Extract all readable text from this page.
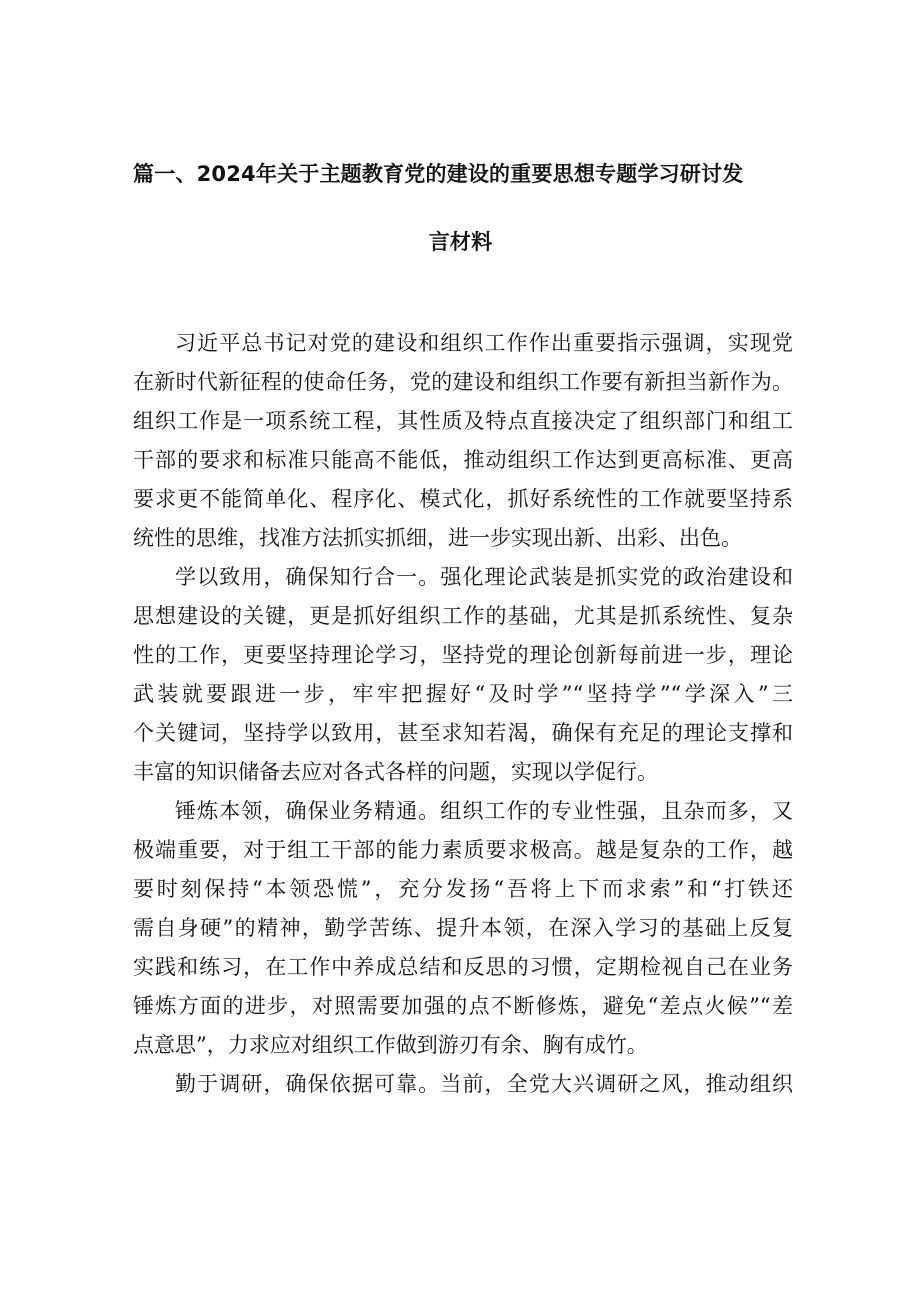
篇一、2024年关于主题教育党的建设的重要思想专题学习研讨发
言材料
习近平总书记对党的建设和组织工作作出重要指示强调，实现党
在新时代新征程的使命任务，党的建设和组织工作要有新担当新作为。
组织工作是一项系统工程，其性质及特点直接决定了组织部门和组工
干部的要求和标准只能高不能低，推动组织工作达到更高标准、更高
要求更不能简单化、程序化、模式化，抓好系统性的工作就要坚持系
统性的思维，找准方法抓实抓细，进一步实现出新、出彩、出色。
学以致用，确保知行合一。强化理论武装是抓实党的政治建设和
思想建设的关键，更是抓好组织工作的基础，尤其是抓系统性、复杂
性的工作，更要坚持理论学习，坚持党的理论创新每前进一步，理论
武装就要跟进一步，牢牢把握好“及时学”“坚持学”“学深入”三
个关键词，坚持学以致用，甚至求知若渴，确保有充足的理论支撑和
丰富的知识储备去应对各式各样的问题，实现以学促行。
锤炼本领，确保业务精通。组织工作的专业性强，且杂而多，又
极端重要，对于组工干部的能力素质要求极高。越是复杂的工作，越
要时刻保持“本领恐慌”，充分发扬“吾将上下而求索”和“打铁还
需自身硬”的精神，勤学苦练、提升本领，在深入学习的基础上反复
实践和练习，在工作中养成总结和反思的习惯，定期检视自己在业务
锤炼方面的进步，对照需要加强的点不断修炼，避免“差点火候”“差
点意思”，力求应对组织工作做到游刃有余、胸有成竹。
勤于调研，确保依据可靠。当前，全党大兴调研之风，推动组织
